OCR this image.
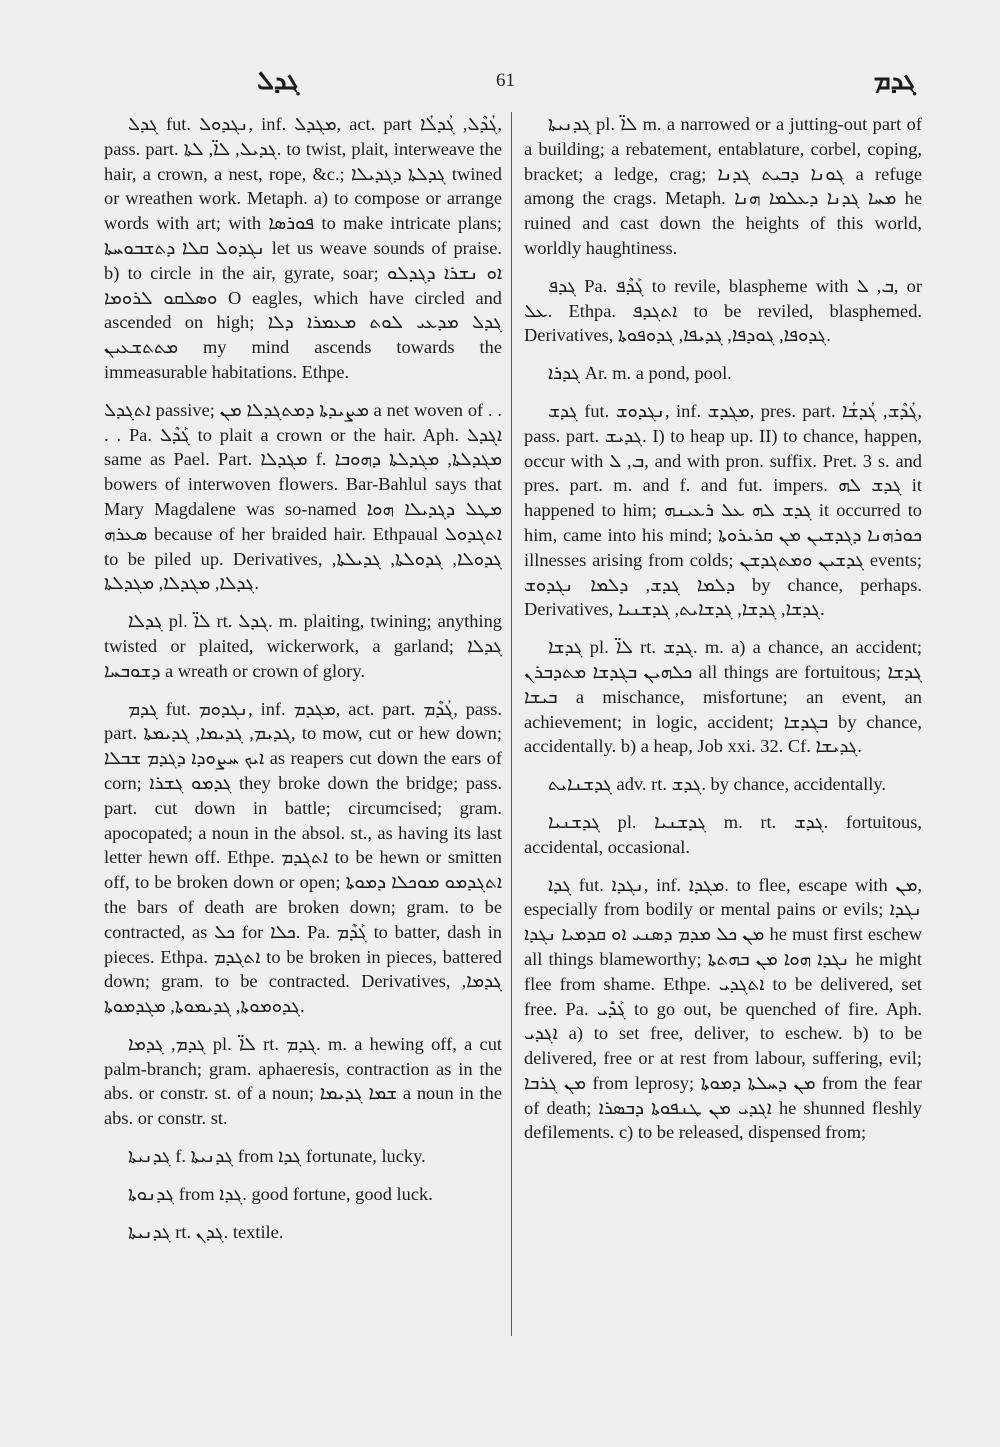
ܓܕܠ	61	ܓܕܡ

ܓܕܠ fut. ܢܓܕܘܠ, inf. ܡܓܕܠ, act. part ܓܳܕܶܠ, ܓܳܕܠܳܐ, pass. part. ܓܕܝܠ, ܠܐ̈, ܠܬܐ. to twist, plait, interweave the hair, a crown, a nest, rope, &c.; ܓܕܠܬܐ ܕܓܕܝܠܐ twined or wreathen work. Metaph. a) to compose or arrange words with art; with ܦܘܪܣܐ to make intricate plans; ܢܓܕܘܠ ܩܠܐ ܕܬܫܒܘܚܬܐ let us weave sounds of praise. b) to circle in the air, gyrate, soar; ܐܘ ܢܫܪܐ ܕܓܕܠܘ ܘܣܠܩܘ ܠܪܘܡܐ O eagles, which have circled and ascended on high; ܓܕܠ ܡܕܥܝ ܠܘܬ ܡܥܡܪܐ ܕܠܐ ܡܬܬܫܥܝܢ my mind ascends towards the immeasurable habitations. Ethpe.

ܐܬܓܕܠ passive; ܡܨܝܕܬܐ ܕܡܬܓܕܠܐ ܡܢ a net woven of . . . . Pa. ܓܰܕܶܠ to plait a crown or the hair. Aph. ܐܓܕܠ same as Pael. Part. ܡܓܕܠܐ f. ܡܓܕܠܬܐ, ܡܓܕܠܬܐ ܕܗܘܒܐ bowers of interwoven flowers. Bar-Bahlul says that Mary Magdalene was so-named ܡܛܠ ܕܓܕܝܠܐ ܗܘܐ ܣܥܪܗ because of her braided hair. Ethpaual ܐܬܓܕܘܠ to be piled up. Derivatives, ܓܕܘܠܐ, ܓܕܘܠܬܐ, ܓܕܝܠܬܐ, ܓܕܠܐ, ܡܓܕܠܐ, ܡܓܕܠܬܐ.

ܓܕܠܐ pl. ܠܐ̈ rt. ܓܕܠ. m. plaiting, twining; anything twisted or plaited, wickerwork, a garland; ܓܕܠܐ ܕܫܘܒܚܐ a wreath or crown of glory.

ܓܕܡ fut. ܢܓܕܘܡ, inf. ܡܓܕܡ, act. part. ܓܳܕܶܡ, pass. part. ܓܕܝܡ, ܓܕܝܡܐ, ܓܕܝܡܬܐ, to mow, cut or hew down; ܐܝܟ ܚܨܘܕܐ ܕܓܕܡ ܫܒܠܐ as reapers cut down the ears of corn; ܓܕܡܘ ܓܫܪܐ they broke down the bridge; pass. part. cut down in battle; circumcised; gram. apocopated; a noun in the absol. st., as having its last letter hewn off. Ethpe. ܐܬܓܕܡ to be hewn or smitten off, to be broken down or open; ܐܬܓܕܡܘ ܡܘܟܠܐ ܕܡܘܬܐ the bars of death are broken down; gram. to be contracted, as ܟܠ for ܟܠܐ. Pa. ܓܰܕܶܡ to batter, dash in pieces. Ethpa. ܐܬܓܕܡ to be broken in pieces, battered down; gram. to be contracted. Derivatives, ܓܕܡܐ, ܓܕܘܡܘܬܐ, ܓܕܝܡܘܬܐ, ܡܓܕܡܘܬܐ.

ܓܕܡ, ܓܕܡܐ pl. ܠܐ̈ rt. ܓܕܡ. m. a hewing off, a cut palm-branch; gram. aphaeresis, contraction as in the abs. or constr. st. of a noun; ܫܡܐ ܓܕܝܡܐ a noun in the abs. or constr. st.

ܓܕܢܝܬܐ f. ܓܕܢܝܬܐ from ܓܕܐ fortunate, lucky.

ܓܕܢܘܬܐ from ܓܕܐ. good fortune, good luck.

ܓܕܢܝܬܐ rt. ܓܕܢ. textile.

ܓܕܢܝܬܐ pl. ܠܐ̈ m. a narrowed or a jutting-out part of a building; a rebatement, entablature, corbel, coping, bracket; a ledge, crag; ܓܘܢܐ ܕܒܝܬ ܓܕܢܐ a refuge among the crags. Metaph. ܡܚܐ ܓܕܢܐ ܕܥܠܡܐ ܗܢܐ he ruined and cast down the heights of this world, worldly haughtiness.

ܓܕܦ Pa. ܓܰܕܶܦ to revile, blaspheme with ܒ, ܠ, or ܥܠ. Ethpa. ܐܬܓܕܦ to be reviled, blasphemed. Derivatives, ܓܕܘܦܐ, ܓܘܕܦܐ, ܓܕܝܦܐ, ܓܕܘܦܘܬܐ.

ܓܕܪܐ Ar. m. a pond, pool.

ܓܕܫ fut. ܢܓܕܘܫ, inf. ܡܓܕܫ, pres. part. ܓܳܕܶܫ, ܓܳܕܫܳܐ, pass. part. ܓܕܝܫ. I) to heap up. II) to chance, happen, occur with ܒ, ܠ, and with pron. suffix. Pret. 3 s. and pres. part. m. and f. and fut. impers. ܓܕܫ ܠܗ it happened to him; ܓܕܫ ܠܗ ܥܠ ܪܥܝܢܗ it occurred to him, came into his mind; ܟܘܪܗܢܐ ܕܓܕܫܝܢ ܡܢ ܩܪܝܪܘܬܐ illnesses arising from colds; ܓܕܫܝܢ ܘܡܬܓܕܫܢ events; ܕܠܡܐ ܓܕܫ, ܕܠܡܐ ܢܓܕܘܫ by chance, perhaps. Derivatives, ܓܕܫܐ, ܓܕܫܐ, ܓܕܫܐܝܬ, ܓܕܫܢܝܐ.

ܓܕܫܐ pl. ܠܐ̈ rt. ܓܕܫ. m. a) a chance, an accident; ܟܠܗܝܢ ܒܓܕܫܐ ܡܬܕܒܪܢ all things are fortuitous; ܓܕܫܐ ܒܝܫܐ a mischance, misfortune; an event, an achievement; in logic, accident; ܒܓܕܫܐ by chance, accidentally. b) a heap, Job xxi. 32. Cf. ܓܕܝܫܐ.

ܓܕܫܢܐܝܬ adv. rt. ܓܕܫ. by chance, accidentally.

ܓܕܫܢܝܐ pl. ܓܕܫܢܝܐ m. rt. ܓܕܫ. fortuitous, accidental, occasional.

ܓܕܐ fut. ܢܓܕܐ, inf. ܡܓܕܐ. to flee, escape with ܡܢ, especially from bodily or mental pains or evils; ܢܓܕܐ ܡܢ ܟܠ ܡܕܡ ܕܣܢܝ ܐܘ ܩܕܡܝܐ ܢܓܕܐ he must first eschew all things blameworthy; ܢܓܕܐ ܗܘܐ ܡܢ ܒܗܬܬܐ he might flee from shame. Ethpe. ܐܬܓܕܝ to be delivered, set free. Pa. ܓܰܕܺܝ to go out, be quenched of fire. Aph. ܐܓܕܝ a) to set free, deliver, to eschew. b) to be delivered, free or at rest from labour, suffering, evil; ܡܢ ܓܪܒܐ from leprosy; ܡܢ ܕܚܠܬܐ ܕܡܘܬܐ from the fear of death; ܐܓܕܝ ܡܢ ܛܢܦܘܬܐ ܕܒܣܪܐ he shunned fleshly defilements. c) to be released, dispensed from;
